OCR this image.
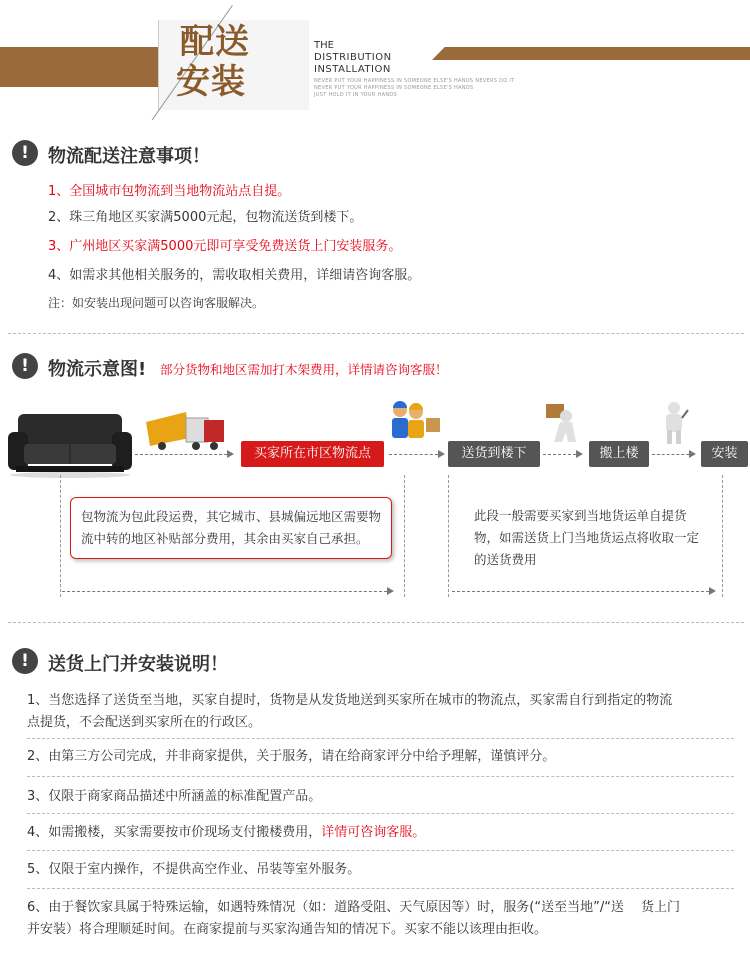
配送
安装
THE
DISTRIBUTION
INSTALLATION
NEVER PUT YOUR HAPPINESS IN SOMEONE ELSE'S HANDS NEVERS DO IT
NEVER PUT YOUR HAPPINESS IN SOMEONE ELSE'S HANDS
JUST HOLD IT IN YOUR HANDS
!	物流配送注意事项！
1、全国城市包物流到当地物流站点自提。
2、珠三角地区买家满5000元起，包物流送货到楼下。
3、广州地区买家满5000元即可享受免费送货上门安装服务。
4、如需求其他相关服务的，需收取相关费用，详细请咨询客服。
注：如安装出现问题可以咨询客服解决。
!	物流示意图! 部分货物和地区需加打木架费用，详情请咨询客服！
买家所在市区物流点	送货到楼下	搬上楼	安装
包物流为包此段运费，其它城市、县城偏远地区需要物流中转的地区补贴部分费用，其余由买家自己承担。
此段一般需要买家到当地货运单自提货物，如需送货上门当地货运点将收取一定的送货费用
!	送货上门并安装说明！
1、当您选择了送货至当地，买家自提时，货物是从发货地送到买家所在城市的物流点，买家需自行到指定的物流
点提货，不会配送到买家所在的行政区。
2、由第三方公司完成，并非商家提供，关于服务，请在给商家评分中给予理解，谨慎评分。
3、仅限于商家商品描述中所涵盖的标准配置产品。
4、如需搬楼，买家需要按市价现场支付搬楼费用，详情可咨询客服。
5、仅限于室内操作，不提供高空作业、吊装等室外服务。
6、由于餐饮家具属于特殊运输，如遇特殊情况（如：道路受阻、天气原因等）时，服务(“送至当地”/“送　 货上门
并安装）将合理顺延时间。在商家提前与买家沟通告知的情况下。买家不能以该理由拒收。
